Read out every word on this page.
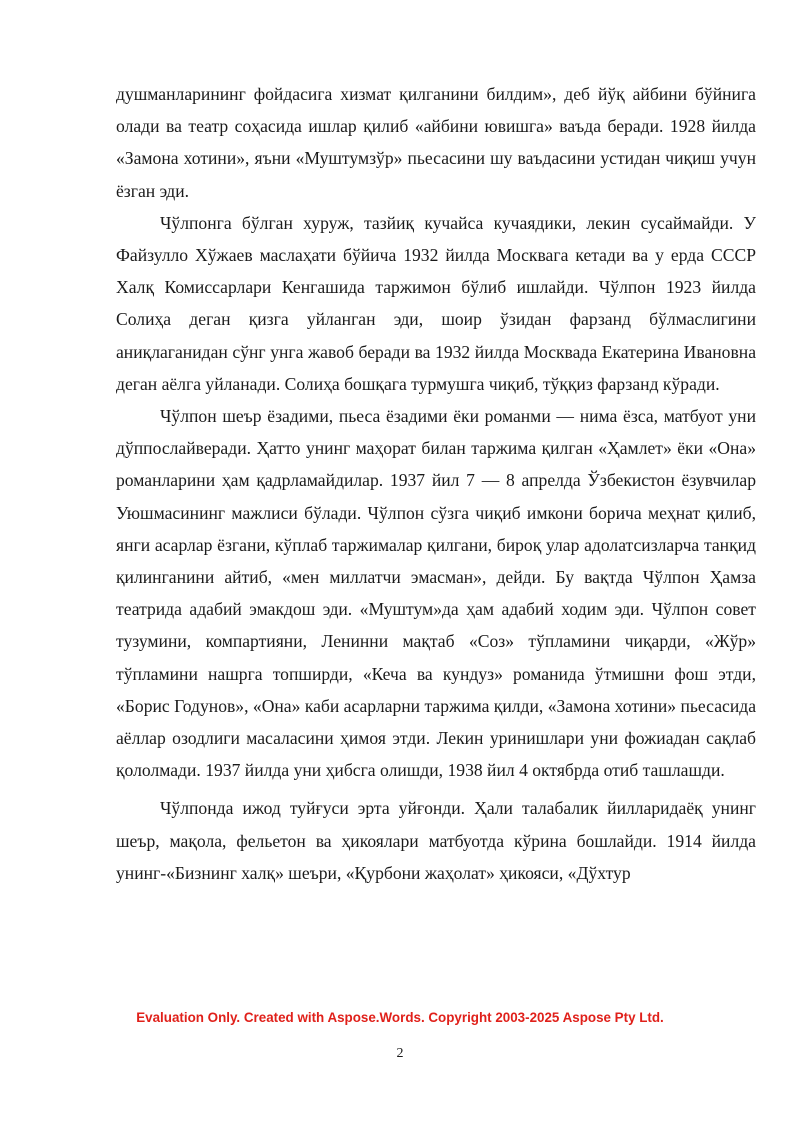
душманларининг фойдасига хизмат қилганини билдим», деб йўқ айбини бўйнига олади ва театр соҳасида ишлар қилиб «айбини ювишга» ваъда беради. 1928 йилда «Замона хотини», яъни «Муштумзўр» пьесасини шу ваъдасини устидан чиқиш учун ёзган эди.

Чўлпонга бўлган хуруж, тазйиқ кучайса кучаядики, лекин сусаймайди. У Файзулло Хўжаев маслаҳати бўйича 1932 йилда Москвага кетади ва у ерда СССР Халқ Комиссарлари Кенгашида таржимон бўлиб ишлайди. Чўлпон 1923 йилда Солиҳа деган қизга уйланган эди, шоир ўзидан фарзанд бўлмаслигини аниқлаганидан сўнг унга жавоб беради ва 1932 йилда Москвада Екатерина Ивановна деган аёлга уйланади. Солиҳа бошқага турмушга чиқиб, тўққиз фарзанд кўради.

Чўлпон шеър ёзадими, пьеса ёзадими ёки романми — нима ёзса, матбуот уни дўппослайверади. Ҳатто унинг маҳорат билан таржима қилган «Ҳамлет» ёки «Она» романларини ҳам қадрламайдилар. 1937 йил 7 — 8 апрелда Ўзбекистон ёзувчилар Уюшмасининг мажлиси бўлади. Чўлпон сўзга чиқиб имкони борича меҳнат қилиб, янги асарлар ёзгани, кўплаб таржималар қилгани, бироқ улар адолатсизларча танқид қилинганини айтиб, «мен миллатчи эмасман», дейди. Бу вақтда Чўлпон Ҳамза театрида адабий эмакдош эди. «Муштум»да ҳам адабий ходим эди. Чўлпон совет тузумини, компартияни, Ленинни мақтаб «Соз» тўпламини чиқарди, «Жўр» тўпламини нашрга топширди, «Кеча ва кундуз» романида ўтмишни фош этди, «Борис Годунов», «Она» каби асарларни таржима қилди, «Замона хотини» пьесасида аёллар озодлиги масаласини ҳимоя этди. Лекин уринишлари уни фожиадан сақлаб қололмади. 1937 йилда уни ҳибсга олишди, 1938 йил 4 октябрда отиб ташлашди.

Чўлпонда ижод туйғуси эрта уйғонди. Ҳали талабалик йилларидаёқ унинг шеър, мақола, фельетон ва ҳикоялари матбуотда кўрина бошлайди. 1914 йилда унинг-«Бизнинг халқ» шеъри, «Қурбони жаҳолат» ҳикояси, «Дўхтур

Evaluation Only. Created with Aspose.Words. Copyright 2003-2025 Aspose Pty Ltd.
2
